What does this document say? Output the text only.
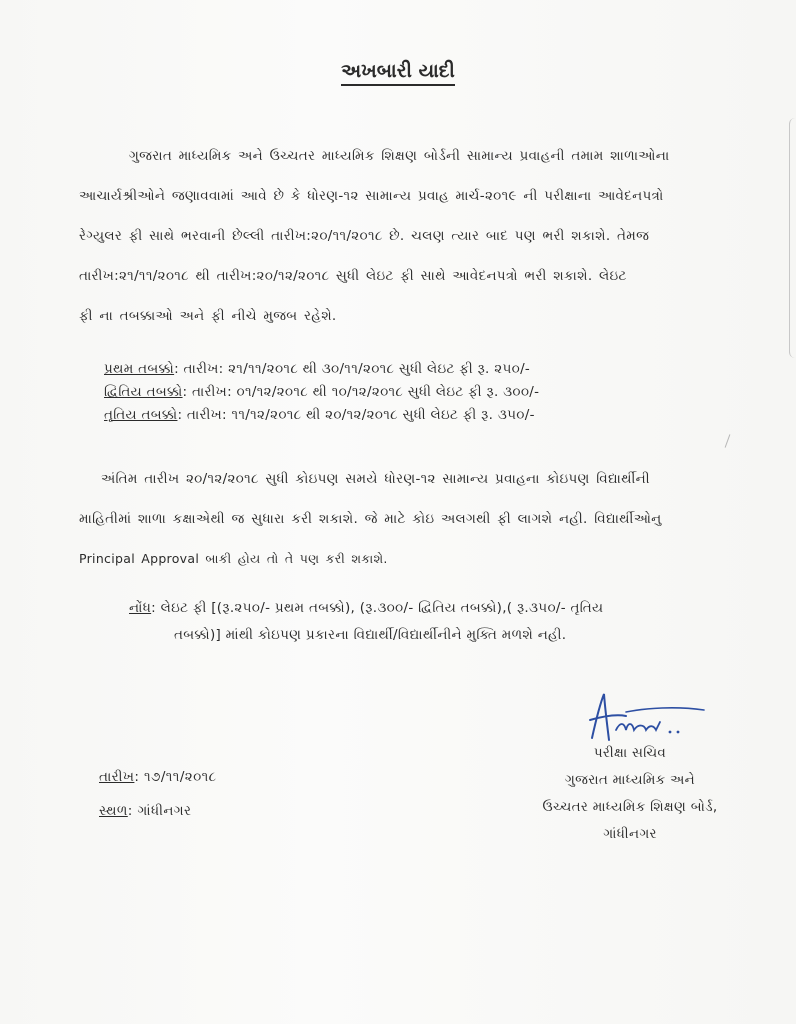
અખબારી યાદી
ગુજરાત માધ્યમિક અને ઉચ્ચતર માધ્યમિક શિક્ષણ બોર્ડની સામાન્ય પ્રવાહની તમામ શાળાઓના
આચાર્યશ્રીઓને જણાવવામાં આવે છે કે ધોરણ-૧૨ સામાન્ય પ્રવાહ માર્ચ-૨૦૧૯ ની પરીક્ષાના આવેદનપત્રો
રેગ્યુલર ફી સાથે ભરવાની છેલ્લી તારીખ:૨૦/૧૧/૨૦૧૮ છે. ચલણ ત્યાર બાદ પણ ભરી શકાશે. તેમજ
તારીખ:૨૧/૧૧/૨૦૧૮ થી તારીખ:૨૦/૧૨/૨૦૧૮ સુધી લેઇટ ફી સાથે આવેદનપત્રો ભરી શકાશે. લેઇટ
ફી ના તબક્કાઓ અને ફી નીચે મુજબ રહેશે.
પ્રથમ તબક્કો: તારીખ: ૨૧/૧૧/૨૦૧૮ થી ૩૦/૧૧/૨૦૧૮ સુધી લેઇટ ફી રૂ. ૨૫૦/-
દ્વિતિય તબક્કો: તારીખ: ૦૧/૧૨/૨૦૧૮ થી ૧૦/૧૨/૨૦૧૮ સુધી લેઇટ ફી રૂ. ૩૦૦/-
તૃતિય તબક્કો: તારીખ: ૧૧/૧૨/૨૦૧૮ થી ૨૦/૧૨/૨૦૧૮ સુધી લેઇટ ફી રૂ. ૩૫૦/-
અંતિમ તારીખ ૨૦/૧૨/૨૦૧૮ સુધી કોઇપણ સમયે ધોરણ-૧૨ સામાન્ય પ્રવાહના કોઇપણ વિદ્યાર્થીની
માહિતીમાં શાળા કક્ષાએથી જ સુધારા કરી શકાશે. જે માટે કોઇ અલગથી ફી લાગશે નહી. વિદ્યાર્થીઓનુ
Principal Approval બાકી હોય તો તે પણ કરી શકાશે.
નોંધ: લેઇટ ફી [(રૂ.૨૫૦/- પ્રથમ તબક્કો), (રૂ.૩૦૦/- દ્વિતિય તબક્કો),( રૂ.૩૫૦/- તૃતિય
તબક્કો)] માંથી કોઇપણ પ્રકારના વિદ્યાર્થી/વિદ્યાર્થીનીને મુક્તિ મળશે નહી.
તારીખ: ૧૭/૧૧/૨૦૧૮
સ્થળ: ગાંધીનગર
પરીક્ષા સચિવ
ગુજરાત માધ્યમિક અને
ઉચ્ચતર માધ્યમિક શિક્ષણ બોર્ડ,
ગાંધીનગર
